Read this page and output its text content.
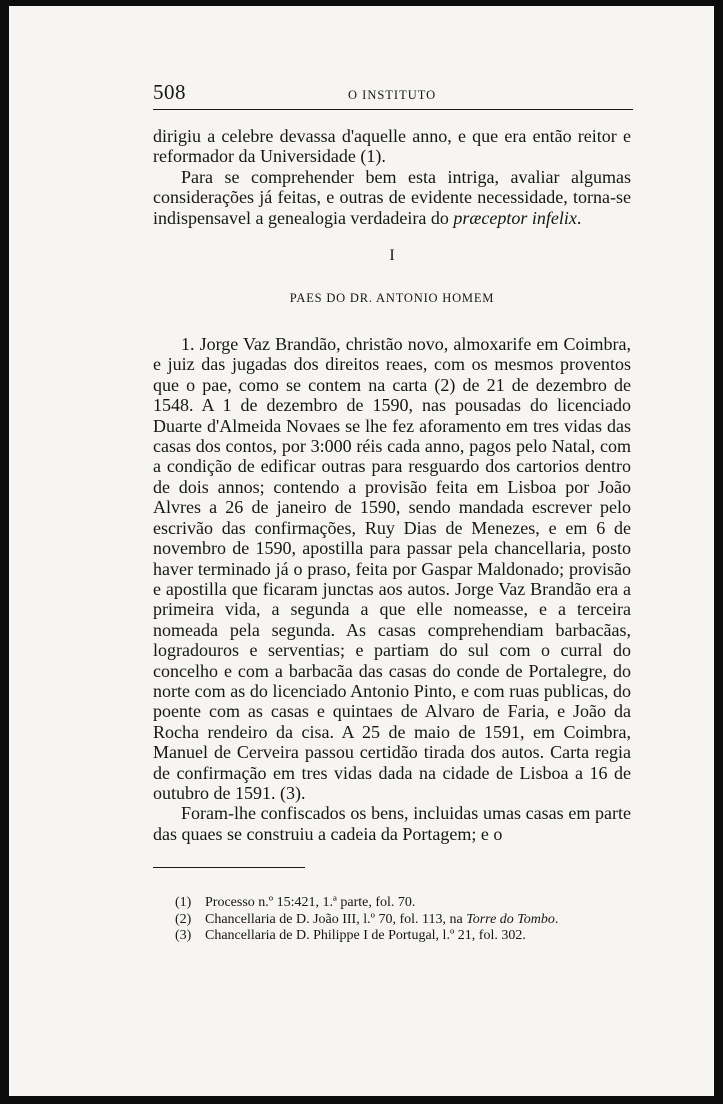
508	O INSTITUTO

dirigiu a celebre devassa d'aquelle anno, e que era então reitor e reformador da Universidade (1).

Para se comprehender bem esta intriga, avaliar algumas considerações já feitas, e outras de evidente necessidade, torna-se indispensavel a genealogia verdadeira do præceptor infelix.

I
PAES DO DR. ANTONIO HOMEM

1. Jorge Vaz Brandão, christão novo, almoxarife em Coimbra, e juiz das jugadas dos direitos reaes, com os mesmos proventos que o pae, como se contem na carta (2) de 21 de dezembro de 1548. A 1 de dezembro de 1590, nas pousadas do licenciado Duarte d'Almeida Novaes se lhe fez aforamento em tres vidas das casas dos contos, por 3:000 réis cada anno, pagos pelo Natal, com a condição de edificar outras para resguardo dos cartorios dentro de dois annos; contendo a provisão feita em Lisboa por João Alvres a 26 de janeiro de 1590, sendo mandada escrever pelo escrivão das confirmações, Ruy Dias de Menezes, e em 6 de novembro de 1590, apostilla para passar pela chancellaria, posto haver terminado já o praso, feita por Gaspar Maldonado; provisão e apostilla que ficaram junctas aos autos. Jorge Vaz Brandão era a primeira vida, a segunda a que elle nomeasse, e a terceira nomeada pela segunda. As casas comprehendiam barbacãas, logradouros e serventias; e partiam do sul com o curral do concelho e com a barbacãa das casas do conde de Portalegre, do norte com as do licenciado Antonio Pinto, e com ruas publicas, do poente com as casas e quintaes de Alvaro de Faria, e João da Rocha rendeiro da cisa. A 25 de maio de 1591, em Coimbra, Manuel de Cerveira passou certidão tirada dos autos. Carta regia de confirmação em tres vidas dada na cidade de Lisboa a 16 de outubro de 1591. (3).

Foram-lhe confiscados os bens, incluidas umas casas em parte das quaes se construiu a cadeia da Portagem; e o

(1) Processo n.º 15:421, 1.ª parte, fol. 70.
(2) Chancellaria de D. João III, l.º 70, fol. 113, na Torre do Tombo.
(3) Chancellaria de D. Philippe I de Portugal, l.º 21, fol. 302.
